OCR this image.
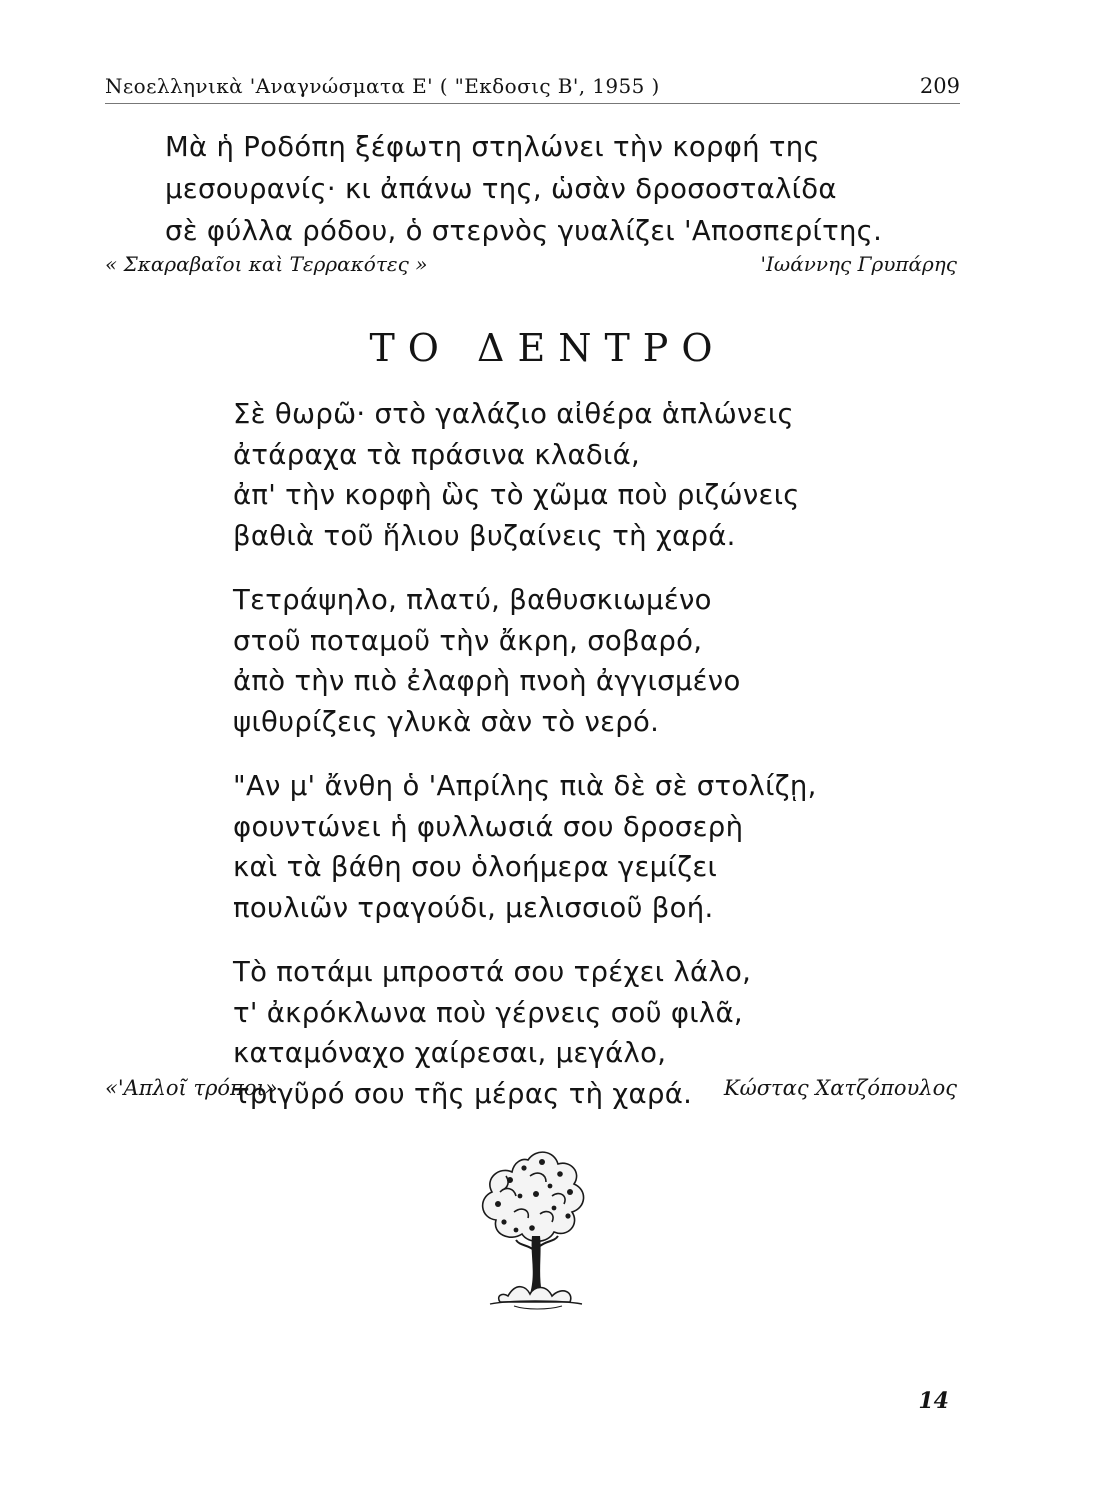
Νεοελληνικὰ 'Αναγνώσματα Ε' ( "Εκδοσις Β', 1955 )	209
Μὰ ἡ Ροδόπη ξέφωτη στηλώνει τὴν κορφή της
μεσουρανίς· κι ἀπάνω της, ὡσὰν δροσοσταλίδα
σὲ φύλλα ρόδου, ὁ στερνὸς γυαλίζει 'Αποσπερίτης.
« Σκαραβαῖοι καὶ Τερρακότες »	'Ιωάννης Γρυπάρης
ΤΟ ΔΕΝΤΡΟ
Σὲ θωρῶ· στὸ γαλάζιο αἰθέρα ἁπλώνεις
ἀτάραχα τὰ πράσινα κλαδιά,
ἀπ' τὴν κορφὴ ὣς τὸ χῶμα ποὺ ριζώνεις
βαθιὰ τοῦ ἥλιου βυζαίνεις τὴ χαρά.
Τετράψηλο, πλατύ, βαθυσκιωμένο
στοῦ ποταμοῦ τὴν ἄκρη, σοβαρό,
ἀπὸ τὴν πιὸ ἐλαφρὴ πνοὴ ἀγγισμένο
ψιθυρίζεις γλυκὰ σὰν τὸ νερό.
"Αν μ' ἄνθη ὁ 'Απρίλης πιὰ δὲ σὲ στολίζῃ,
φουντώνει ἡ φυλλωσιά σου δροσερὴ
καὶ τὰ βάθη σου ὁλοήμερα γεμίζει
πουλιῶν τραγούδι, μελισσιοῦ βοή.
Τὸ ποτάμι μπροστά σου τρέχει λάλο,
τ' ἀκρόκλωνα ποὺ γέρνεις σοῦ φιλᾶ,
καταμόναχο χαίρεσαι, μεγάλο,
τριγῦρό σου τῆς μέρας τὴ χαρά.
«'Απλοῖ τρόποι»	Κώστας Χατζόπουλος
14
